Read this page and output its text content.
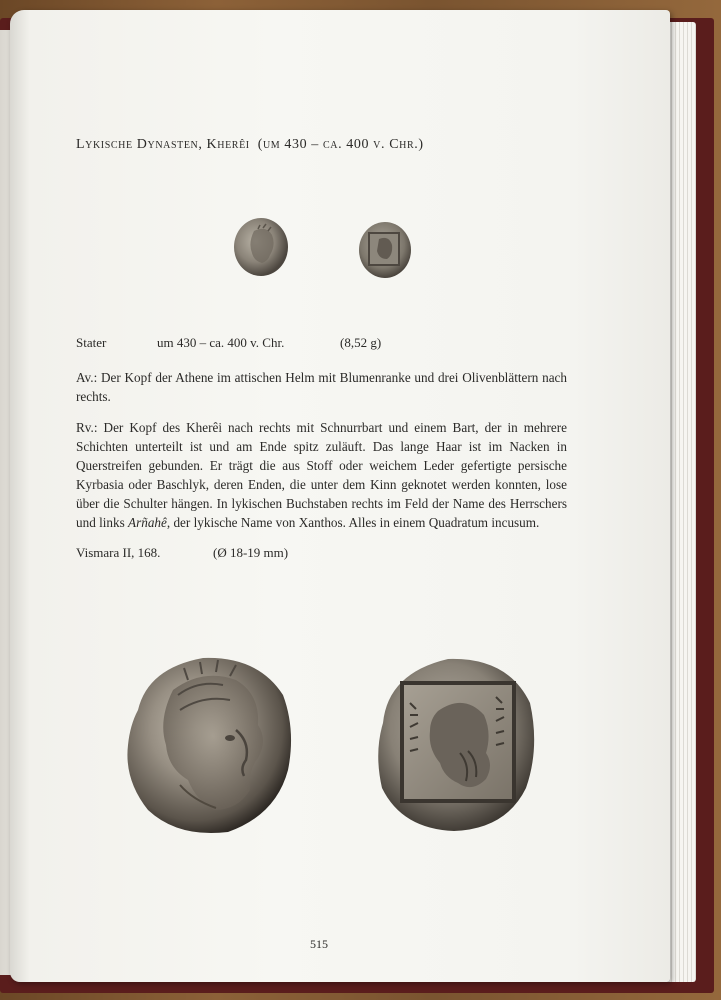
Lykische Dynasten, Kherêi (um 430 – ca. 400 v. Chr.)
Stater	um 430 – ca. 400 v. Chr.	(8,52 g)
Av.: Der Kopf der Athene im attischen Helm mit Blumenranke und drei Olivenblättern nach rechts.
Rv.: Der Kopf des Kherêi nach rechts mit Schnurrbart und einem Bart, der in mehrere Schichten unterteilt ist und am Ende spitz zuläuft. Das lange Haar ist im Nacken in Querstreifen gebunden. Er trägt die aus Stoff oder weichem Leder gefertigte persische Kyrbasia oder Baschlyk, deren Enden, die unter dem Kinn geknotet werden konnten, lose über die Schulter hängen. In lykischen Buchstaben rechts im Feld der Name des Herrschers und links Arñahê, der lykische Name von Xanthos. Alles in einem Quadratum incusum.
Vismara II, 168.	(Ø 18-19 mm)
515
